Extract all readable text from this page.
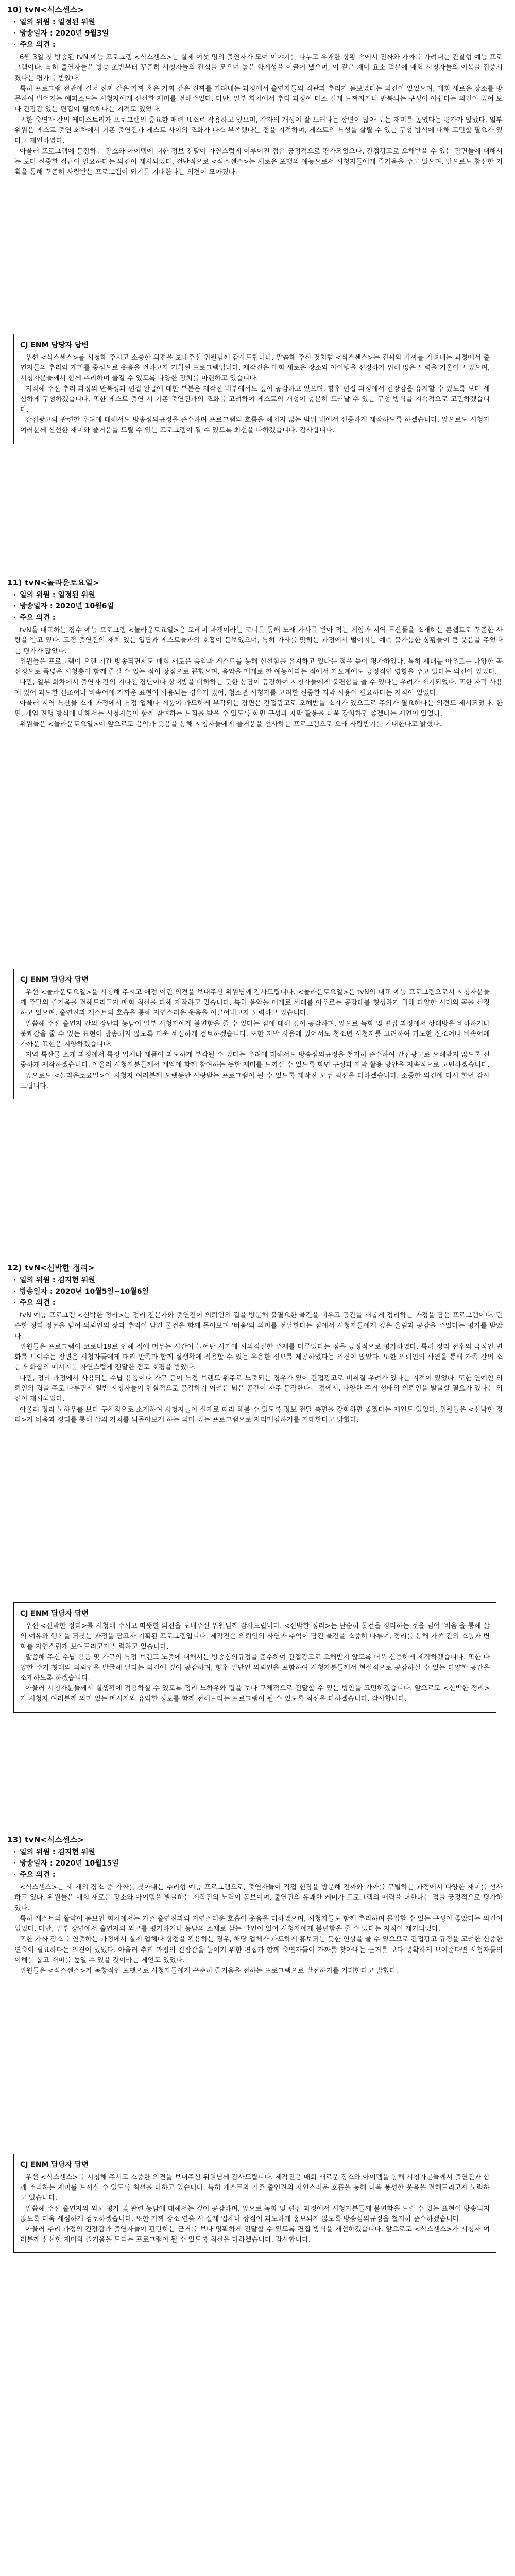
10) tvN<식스센스>
· 일의 위원 : 일정된 위원
· 방송일자 : 2020년 9월3일
· 주요 의견 :

6월 3일 첫 방송된 tvN 예능 프로그램 <식스센스>는 실제 여섯 명의 출연자가 모여 이야기를 나누고 유쾌한 상황 속에서 진짜와 가짜를 가려내는 관찰형 예능 프로그램이다. 특히 출연자들은 방송 초반부터 꾸준히 시청자들의 관심을 모으며 높은 화제성을 이끌어 냈으며, 이 같은 재미 요소 덕분에 매회 시청자들의 이목을 집중시켰다는 평가를 받았다.

특히 프로그램 전반에 걸쳐 진짜 같은 가짜 혹은 가짜 같은 진짜를 가려내는 과정에서 출연자들의 직관과 추리가 돋보였다는 의견이 있었으며, 매회 새로운 장소를 방문하여 벌어지는 에피소드는 시청자에게 신선한 재미를 전해주었다. 다만, 일부 회차에서 추리 과정이 다소 길게 느껴지거나 반복되는 구성이 아쉽다는 의견이 있어 보다 긴장감 있는 편집이 필요하다는 지적도 있었다.

또한 출연자 간의 케미스트리가 프로그램의 중요한 매력 요소로 작용하고 있으며, 각자의 개성이 잘 드러나는 장면이 많아 보는 재미를 높였다는 평가가 많았다. 일부 위원은 게스트 출연 회차에서 기존 출연진과 게스트 사이의 조화가 다소 부족했다는 점을 지적하며, 게스트의 특성을 살릴 수 있는 구성 방식에 대해 고민할 필요가 있다고 제언하였다.

아울러 프로그램에 등장하는 장소와 아이템에 대한 정보 전달이 자연스럽게 이루어진 점은 긍정적으로 평가되었으나, 간접광고로 오해받을 수 있는 장면들에 대해서는 보다 신중한 접근이 필요하다는 의견이 제시되었다. 전반적으로 <식스센스>는 새로운 포맷의 예능으로서 시청자들에게 즐거움을 주고 있으며, 앞으로도 참신한 기획을 통해 꾸준히 사랑받는 프로그램이 되기를 기대한다는 의견이 모아졌다.

CJ ENM 담당자 답변

우선 <식스센스>를 시청해 주시고 소중한 의견을 보내주신 위원님께 감사드립니다. 말씀해 주신 것처럼 <식스센스>는 진짜와 가짜를 가려내는 과정에서 출연자들의 추리와 케미를 중심으로 웃음을 전하고자 기획된 프로그램입니다. 제작진은 매회 새로운 장소와 아이템을 선정하기 위해 많은 노력을 기울이고 있으며, 시청자분들께서 함께 추리하며 즐길 수 있도록 다양한 장치를 마련하고 있습니다.

지적해 주신 추리 과정의 반복성과 편집 완급에 대한 부분은 제작진 내부에서도 깊이 공감하고 있으며, 향후 편집 과정에서 긴장감을 유지할 수 있도록 보다 세심하게 구성하겠습니다. 또한 게스트 출연 시 기존 출연진과의 조화를 고려하여 게스트의 개성이 충분히 드러날 수 있는 구성 방식을 지속적으로 고민하겠습니다.

간접광고와 관련한 우려에 대해서도 방송심의규정을 준수하며 프로그램의 흐름을 해치지 않는 범위 내에서 신중하게 제작하도록 하겠습니다. 앞으로도 시청자 여러분께 신선한 재미와 즐거움을 드릴 수 있는 프로그램이 될 수 있도록 최선을 다하겠습니다. 감사합니다.

11) tvN<놀라운토요일>
· 일의 위원 : 일정된 위원
· 방송일자 : 2020년 10월6일
· 주요 의견 :

tvN을 대표하는 장수 예능 프로그램 <놀라운토요일>은 도레미 마켓이라는 코너를 통해 노래 가사를 받아 적는 게임과 지역 특산물을 소개하는 콘셉트로 꾸준한 사랑을 받고 있다. 고정 출연진의 재치 있는 입담과 게스트들과의 호흡이 돋보였으며, 특히 가사를 맞히는 과정에서 벌어지는 예측 불가능한 상황들이 큰 웃음을 주었다는 평가가 많았다.

위원들은 프로그램이 오랜 기간 방송되면서도 매회 새로운 음악과 게스트를 통해 신선함을 유지하고 있다는 점을 높이 평가하였다. 특히 세대를 아우르는 다양한 곡 선정으로 폭넓은 시청층이 함께 즐길 수 있는 점이 장점으로 꼽혔으며, 음악을 매개로 한 예능이라는 점에서 가요계에도 긍정적인 영향을 주고 있다는 의견이 있었다.

다만, 일부 회차에서 출연자 간의 지나친 장난이나 상대방을 비하하는 듯한 농담이 등장하여 시청자들에게 불편함을 줄 수 있다는 우려가 제기되었다. 또한 자막 사용에 있어 과도한 신조어나 비속어에 가까운 표현이 사용되는 경우가 있어, 청소년 시청자를 고려한 신중한 자막 사용이 필요하다는 지적이 있었다.

아울러 지역 특산물 소개 과정에서 특정 업체나 제품이 과도하게 부각되는 장면은 간접광고로 오해받을 소지가 있으므로 주의가 필요하다는 의견도 제시되었다. 한편, 게임 진행 방식에 대해서는 시청자들이 함께 참여하는 느낌을 받을 수 있도록 화면 구성과 자막 활용을 더욱 강화하면 좋겠다는 제언이 있었다.

위원들은 <놀라운토요일>이 앞으로도 음악과 웃음을 통해 시청자들에게 즐거움을 선사하는 프로그램으로 오래 사랑받기를 기대한다고 밝혔다.

CJ ENM 담당자 답변

우선 <놀라운토요일>을 시청해 주시고 애정 어린 의견을 보내주신 위원님께 감사드립니다. <놀라운토요일>은 tvN의 대표 예능 프로그램으로서 시청자분들께 주말의 즐거움을 전해드리고자 매회 최선을 다해 제작하고 있습니다. 특히 음악을 매개로 세대를 아우르는 공감대를 형성하기 위해 다양한 시대의 곡을 선정하고 있으며, 출연진과 게스트의 호흡을 통해 자연스러운 웃음을 이끌어내고자 노력하고 있습니다.

말씀해 주신 출연자 간의 장난과 농담이 일부 시청자에게 불편함을 줄 수 있다는 점에 대해 깊이 공감하며, 앞으로 녹화 및 편집 과정에서 상대방을 비하하거나 불쾌감을 줄 수 있는 표현이 방송되지 않도록 더욱 세심하게 검토하겠습니다. 또한 자막 사용에 있어서도 청소년 시청자를 고려하여 과도한 신조어나 비속어에 가까운 표현은 지양하겠습니다.

지역 특산물 소개 과정에서 특정 업체나 제품이 과도하게 부각될 수 있다는 우려에 대해서도 방송심의규정을 철저히 준수하여 간접광고로 오해받지 않도록 신중하게 제작하겠습니다. 아울러 시청자분들께서 게임에 함께 참여하는 듯한 재미를 느끼실 수 있도록 화면 구성과 자막 활용 방안을 지속적으로 고민하겠습니다.

앞으로도 <놀라운토요일>이 시청자 여러분께 오랫동안 사랑받는 프로그램이 될 수 있도록 제작진 모두 최선을 다하겠습니다. 소중한 의견에 다시 한번 감사드립니다.

12) tvN<신박한 정리>
· 일의 위원 : 김지현 위원
· 방송일자 : 2020년 10월5일~10월6일
· 주요 의견 :

tvN 예능 프로그램 <신박한 정리>는 정리 전문가와 출연진이 의뢰인의 집을 방문해 불필요한 물건을 비우고 공간을 새롭게 정리하는 과정을 담은 프로그램이다. 단순한 정리 정돈을 넘어 의뢰인의 삶과 추억이 담긴 물건을 함께 돌아보며 '비움'의 의미를 전달한다는 점에서 시청자들에게 깊은 울림과 공감을 주었다는 평가를 받았다.

위원들은 프로그램이 코로나19로 인해 집에 머무는 시간이 늘어난 시기에 시의적절한 주제를 다루었다는 점을 긍정적으로 평가하였다. 특히 정리 전후의 극적인 변화를 보여주는 장면은 시청자들에게 대리 만족과 함께 실생활에 적용할 수 있는 유용한 정보를 제공하였다는 의견이 많았다. 또한 의뢰인의 사연을 통해 가족 간의 소통과 화합의 메시지를 자연스럽게 전달한 점도 호평을 받았다.

다만, 정리 과정에서 사용되는 수납 용품이나 가구 등이 특정 브랜드 위주로 노출되는 경우가 있어 간접광고로 비춰질 우려가 있다는 지적이 있었다. 또한 연예인 의뢰인의 집을 주로 다루면서 일반 시청자들이 현실적으로 공감하기 어려운 넓은 공간이 자주 등장한다는 점에서, 다양한 주거 형태의 의뢰인을 발굴할 필요가 있다는 의견이 제시되었다.

아울러 정리 노하우를 보다 구체적으로 소개하여 시청자들이 실제로 따라 해볼 수 있도록 정보 전달 측면을 강화하면 좋겠다는 제언도 있었다. 위원들은 <신박한 정리>가 비움과 정리를 통해 삶의 가치를 되돌아보게 하는 의미 있는 프로그램으로 자리매김하기를 기대한다고 밝혔다.

CJ ENM 담당자 답변

우선 <신박한 정리>를 시청해 주시고 따뜻한 의견을 보내주신 위원님께 감사드립니다. <신박한 정리>는 단순히 물건을 정리하는 것을 넘어 '비움'을 통해 삶의 여유와 행복을 되찾는 과정을 담고자 기획된 프로그램입니다. 제작진은 의뢰인의 사연과 추억이 담긴 물건을 소중히 다루며, 정리를 통해 가족 간의 소통과 변화를 자연스럽게 보여드리고자 노력하고 있습니다.

말씀해 주신 수납 용품 및 가구의 특정 브랜드 노출에 대해서는 방송심의규정을 준수하여 간접광고로 오해받지 않도록 더욱 신중하게 제작하겠습니다. 또한 다양한 주거 형태의 의뢰인을 발굴해 달라는 의견에 깊이 공감하며, 향후 일반인 의뢰인을 포함하여 시청자분들께서 현실적으로 공감하실 수 있는 다양한 공간을 소개하도록 하겠습니다.

아울러 시청자분들께서 실생활에 적용하실 수 있도록 정리 노하우와 팁을 보다 구체적으로 전달할 수 있는 방안을 고민하겠습니다. 앞으로도 <신박한 정리>가 시청자 여러분께 의미 있는 메시지와 유익한 정보를 함께 전해드리는 프로그램이 될 수 있도록 최선을 다하겠습니다. 감사합니다.

13) tvN<식스센스>
· 일의 위원 : 김지현 위원
· 방송일자 : 2020년 10월15일
· 주요 의견 :

<식스센스>는 세 개의 장소 중 가짜를 찾아내는 추리형 예능 프로그램으로, 출연자들이 직접 현장을 방문해 진짜와 가짜를 구별하는 과정에서 다양한 재미를 선사하고 있다. 위원들은 매회 새로운 장소와 아이템을 발굴하는 제작진의 노력이 돋보이며, 출연진의 유쾌한 케미가 프로그램의 매력을 더한다는 점을 긍정적으로 평가하였다.

특히 게스트의 활약이 돋보인 회차에서는 기존 출연진과의 자연스러운 호흡이 웃음을 더하였으며, 시청자들도 함께 추리하며 몰입할 수 있는 구성이 좋았다는 의견이 있었다. 다만, 일부 장면에서 출연자의 외모를 평가하거나 농담의 소재로 삼는 발언이 있어 시청자에게 불편함을 줄 수 있다는 지적이 제기되었다.

또한 가짜 장소를 연출하는 과정에서 실제 업체나 상점을 활용하는 경우, 해당 업체가 과도하게 홍보되는 듯한 인상을 줄 수 있으므로 간접광고 규정을 고려한 신중한 연출이 필요하다는 의견이 있었다. 아울러 추리 과정의 긴장감을 높이기 위한 편집과 함께 출연자들이 가짜를 찾아내는 근거를 보다 명확하게 보여준다면 시청자들의 이해를 돕고 재미를 높일 수 있을 것이라는 제언도 있었다.

위원들은 <식스센스>가 독창적인 포맷으로 시청자들에게 꾸준히 즐거움을 전하는 프로그램으로 발전하기를 기대한다고 밝혔다.

CJ ENM 담당자 답변

우선 <식스센스>를 시청해 주시고 소중한 의견을 보내주신 위원님께 감사드립니다. 제작진은 매회 새로운 장소와 아이템을 통해 시청자분들께서 출연진과 함께 추리하는 재미를 느끼실 수 있도록 최선을 다하고 있습니다. 특히 게스트와 기존 출연진의 자연스러운 호흡을 통해 더욱 풍성한 웃음을 전해드리고자 노력하고 있습니다.

말씀해 주신 출연자의 외모 평가 및 관련 농담에 대해서는 깊이 공감하며, 앞으로 녹화 및 편집 과정에서 시청자분들께 불편함을 드릴 수 있는 표현이 방송되지 않도록 더욱 세심하게 검토하겠습니다. 또한 가짜 장소 연출 시 실제 업체나 상점이 과도하게 홍보되지 않도록 방송심의규정을 철저히 준수하겠습니다.

아울러 추리 과정의 긴장감과 출연자들이 판단하는 근거를 보다 명확하게 전달할 수 있도록 편집 방식을 개선하겠습니다. 앞으로도 <식스센스>가 시청자 여러분께 신선한 재미와 즐거움을 드리는 프로그램이 될 수 있도록 최선을 다하겠습니다. 감사합니다.
